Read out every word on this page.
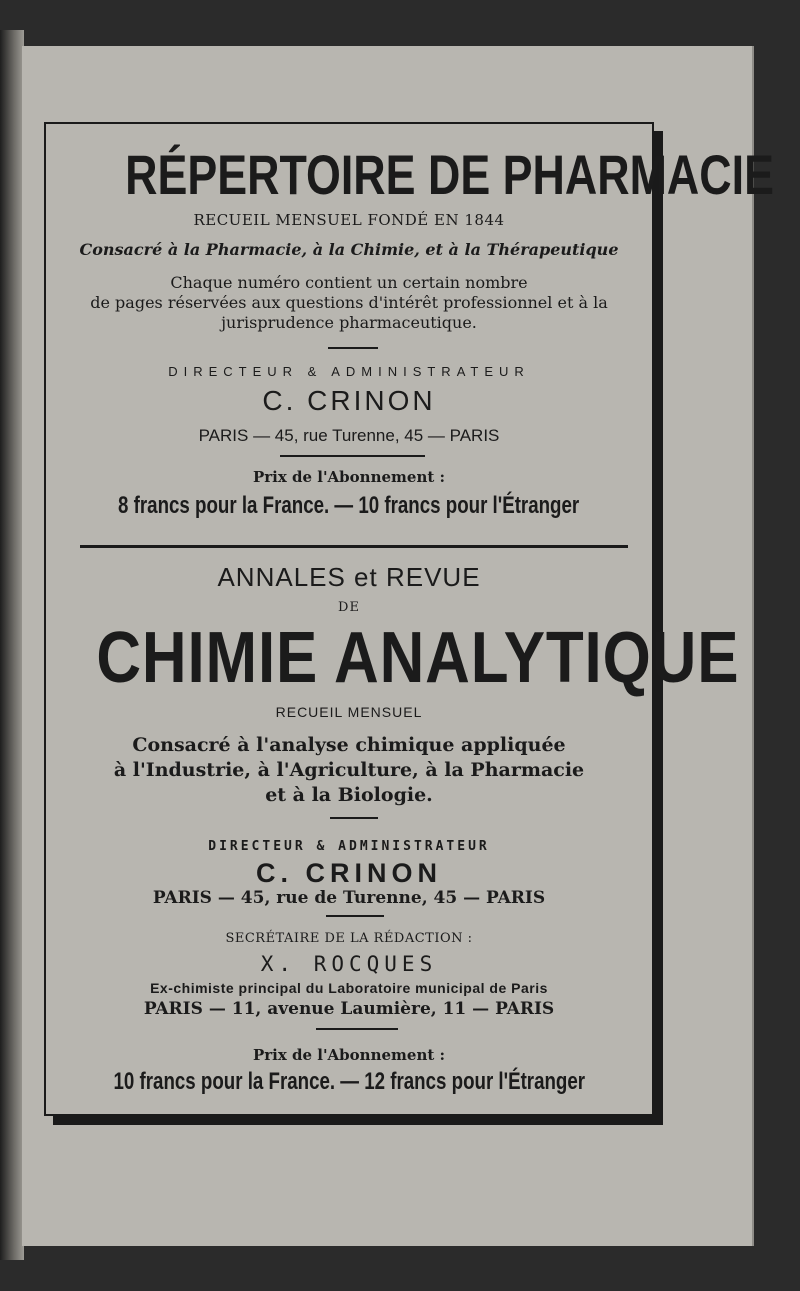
RÉPERTOIRE DE PHARMACIE
RECUEIL MENSUEL FONDÉ EN 1844
Consacré à la Pharmacie, à la Chimie, et à la Thérapeutique
Chaque numéro contient un certain nombre
de pages réservées aux questions d'intérêt professionnel et à la
jurisprudence pharmaceutique.
DIRECTEUR & ADMINISTRATEUR
C. CRINON
PARIS — 45, rue Turenne, 45 — PARIS
Prix de l'Abonnement :
8 francs pour la France. — 10 francs pour l'Étranger
ANNALES et REVUE
DE
CHIMIE ANALYTIQUE
RECUEIL MENSUEL
Consacré à l'analyse chimique appliquée
à l'Industrie, à l'Agriculture, à la Pharmacie
et à la Biologie.
DIRECTEUR & ADMINISTRATEUR
C. CRINON
PARIS — 45, rue de Turenne, 45 — PARIS
SECRÉTAIRE DE LA RÉDACTION :
X. ROCQUES
Ex-chimiste principal du Laboratoire municipal de Paris
PARIS — 11, avenue Laumière, 11 — PARIS
Prix de l'Abonnement :
10 francs pour la France. — 12 francs pour l'Étranger
